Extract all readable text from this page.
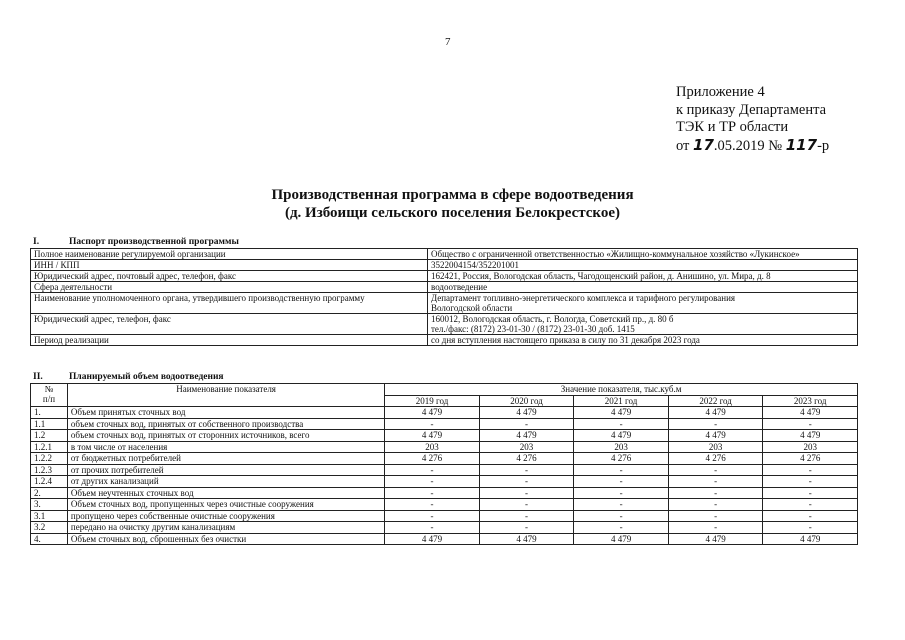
7
Приложение 4
к приказу Департамента
ТЭК и ТР области
от 17.05.2019 № 117-р
Производственная программа в сфере водоотведения
(д. Избоищи сельского поселения Белокрестское)
I.	Паспорт производственной программы
Полное наименование регулируемой организации	Общество с ограниченной ответственностью «Жилищно-коммунальное хозяйство «Лукинское»

ИНН / КПП	3522004154/352201001

Юридический адрес, почтовый адрес, телефон, факс	162421, Россия, Вологодская область, Чагодощенский район, д. Анишино, ул. Мира, д. 8

Сфера деятельности	водоотведение

Наименование уполномоченного органа, утвердившего производственную программу	Департамент топливно-энергетического комплекса и тарифного регулирования
Вологодской области

Юридический адрес, телефон, факс	160012, Вологодская область, г. Вологда, Советский пр., д. 80 б
тел./факс: (8172) 23-01-30 / (8172) 23-01-30 доб. 1415

Период реализации	со дня вступления настоящего приказа в силу по 31 декабря 2023 года
II.	Планируемый объем водоотведения
№
п/п	Наименование показателя	Значение показателя, тыс.куб.м				
		2019 год	2020 год	2021 год	2022 год	2023 год
1.	Объем принятых сточных вод	4 479	4 479	4 479	4 479	4 479
1.1	объем сточных вод, принятых от собственного производства	-	-	-	-	-
1.2	объем сточных вод, принятых от сторонних источников, всего	4 479	4 479	4 479	4 479	4 479
1.2.1	в том числе от населения	203	203	203	203	203
1.2.2	от бюджетных потребителей	4 276	4 276	4 276	4 276	4 276
1.2.3	от прочих потребителей	-	-	-	-	-
1.2.4	от других канализаций	-	-	-	-	-
2.	Объем неучтенных сточных вод	-	-	-	-	-
3.	Объем сточных вод, пропущенных через очистные сооружения	-	-	-	-	-
3.1	пропущено через собственные очистные сооружения	-	-	-	-	-
3.2	передано на очистку другим канализациям	-	-	-	-	-
4.	Объем сточных вод, сброшенных без очистки	4 479	4 479	4 479	4 479	4 479
